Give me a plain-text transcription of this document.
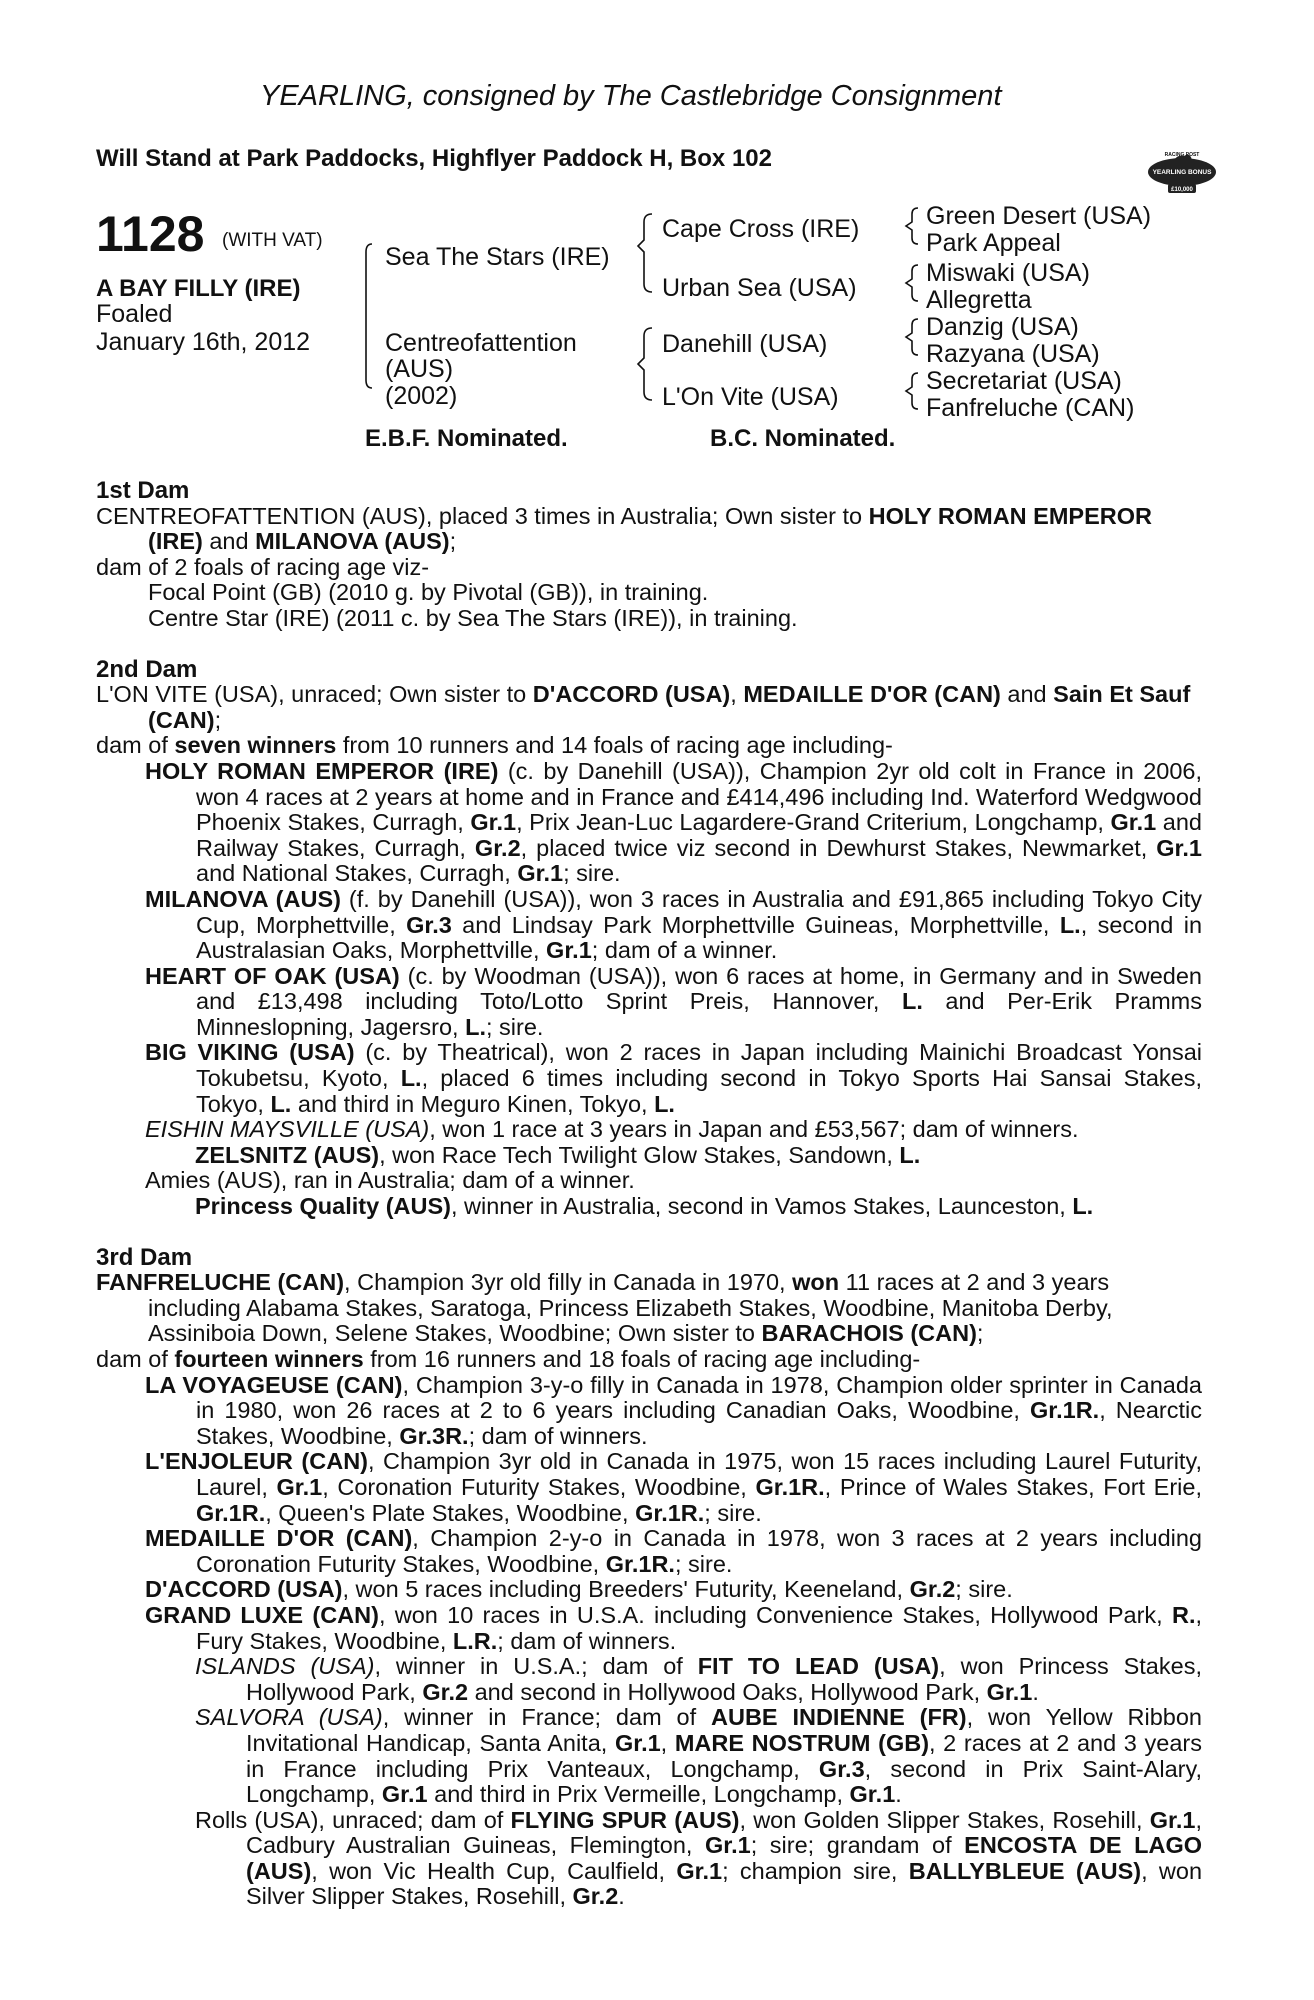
YEARLING, consigned by The Castlebridge Consignment
Will Stand at Park Paddocks, Highflyer Paddock H, Box 102	RACING POST
YEARLING BONUS
£10,000
1128 (WITH VAT)
A BAY FILLY (IRE)
Foaled
January 16th, 2012
Sea The Stars (IRE)
Centreofattention
(AUS)
(2002)
Cape Cross (IRE)
Urban Sea (USA)
Danehill (USA)
L'On Vite (USA)
Green Desert (USA)
Park Appeal
Miswaki (USA)
Allegretta
Danzig (USA)
Razyana (USA)
Secretariat (USA)
Fanfreluche (CAN)
E.B.F. Nominated.	B.C. Nominated.
1st Dam
CENTREOFATTENTION (AUS), placed 3 times in Australia; Own sister to HOLY ROMAN EMPEROR (IRE) and MILANOVA (AUS);
dam of 2 foals of racing age viz-
Focal Point (GB) (2010 g. by Pivotal (GB)), in training.
Centre Star (IRE) (2011 c. by Sea The Stars (IRE)), in training.
2nd Dam
L'ON VITE (USA), unraced; Own sister to D'ACCORD (USA), MEDAILLE D'OR (CAN) and Sain Et Sauf (CAN);
dam of seven winners from 10 runners and 14 foals of racing age including-
HOLY ROMAN EMPEROR (IRE) (c. by Danehill (USA)), Champion 2yr old colt in France in 2006, won 4 races at 2 years at home and in France and £414,496 including Ind. Waterford Wedgwood Phoenix Stakes, Curragh, Gr.1, Prix Jean-Luc Lagardere-Grand Criterium, Longchamp, Gr.1 and Railway Stakes, Curragh, Gr.2, placed twice viz second in Dewhurst Stakes, Newmarket, Gr.1 and National Stakes, Curragh, Gr.1; sire.
MILANOVA (AUS) (f. by Danehill (USA)), won 3 races in Australia and £91,865 including Tokyo City Cup, Morphettville, Gr.3 and Lindsay Park Morphettville Guineas, Morphettville, L., second in Australasian Oaks, Morphettville, Gr.1; dam of a winner.
HEART OF OAK (USA) (c. by Woodman (USA)), won 6 races at home, in Germany and in Sweden and £13,498 including Toto/Lotto Sprint Preis, Hannover, L. and Per-Erik Pramms Minneslopning, Jagersro, L.; sire.
BIG VIKING (USA) (c. by Theatrical), won 2 races in Japan including Mainichi Broadcast Yonsai Tokubetsu, Kyoto, L., placed 6 times including second in Tokyo Sports Hai Sansai Stakes, Tokyo, L. and third in Meguro Kinen, Tokyo, L.
EISHIN MAYSVILLE (USA), won 1 race at 3 years in Japan and £53,567; dam of winners.
ZELSNITZ (AUS), won Race Tech Twilight Glow Stakes, Sandown, L.
Amies (AUS), ran in Australia; dam of a winner.
Princess Quality (AUS), winner in Australia, second in Vamos Stakes, Launceston, L.
3rd Dam
FANFRELUCHE (CAN), Champion 3yr old filly in Canada in 1970, won 11 races at 2 and 3 years including Alabama Stakes, Saratoga, Princess Elizabeth Stakes, Woodbine, Manitoba Derby, Assiniboia Down, Selene Stakes, Woodbine; Own sister to BARACHOIS (CAN);
dam of fourteen winners from 16 runners and 18 foals of racing age including-
LA VOYAGEUSE (CAN), Champion 3-y-o filly in Canada in 1978, Champion older sprinter in Canada in 1980, won 26 races at 2 to 6 years including Canadian Oaks, Woodbine, Gr.1R., Nearctic Stakes, Woodbine, Gr.3R.; dam of winners.
L'ENJOLEUR (CAN), Champion 3yr old in Canada in 1975, won 15 races including Laurel Futurity, Laurel, Gr.1, Coronation Futurity Stakes, Woodbine, Gr.1R., Prince of Wales Stakes, Fort Erie, Gr.1R., Queen's Plate Stakes, Woodbine, Gr.1R.; sire.
MEDAILLE D'OR (CAN), Champion 2-y-o in Canada in 1978, won 3 races at 2 years including Coronation Futurity Stakes, Woodbine, Gr.1R.; sire.
D'ACCORD (USA), won 5 races including Breeders' Futurity, Keeneland, Gr.2; sire.
GRAND LUXE (CAN), won 10 races in U.S.A. including Convenience Stakes, Hollywood Park, R., Fury Stakes, Woodbine, L.R.; dam of winners.
ISLANDS (USA), winner in U.S.A.; dam of FIT TO LEAD (USA), won Princess Stakes, Hollywood Park, Gr.2 and second in Hollywood Oaks, Hollywood Park, Gr.1.
SALVORA (USA), winner in France; dam of AUBE INDIENNE (FR), won Yellow Ribbon Invitational Handicap, Santa Anita, Gr.1, MARE NOSTRUM (GB), 2 races at 2 and 3 years in France including Prix Vanteaux, Longchamp, Gr.3, second in Prix Saint-Alary, Longchamp, Gr.1 and third in Prix Vermeille, Longchamp, Gr.1.
Rolls (USA), unraced; dam of FLYING SPUR (AUS), won Golden Slipper Stakes, Rosehill, Gr.1, Cadbury Australian Guineas, Flemington, Gr.1; sire; grandam of ENCOSTA DE LAGO (AUS), won Vic Health Cup, Caulfield, Gr.1; champion sire, BALLYBLEUE (AUS), won Silver Slipper Stakes, Rosehill, Gr.2.
